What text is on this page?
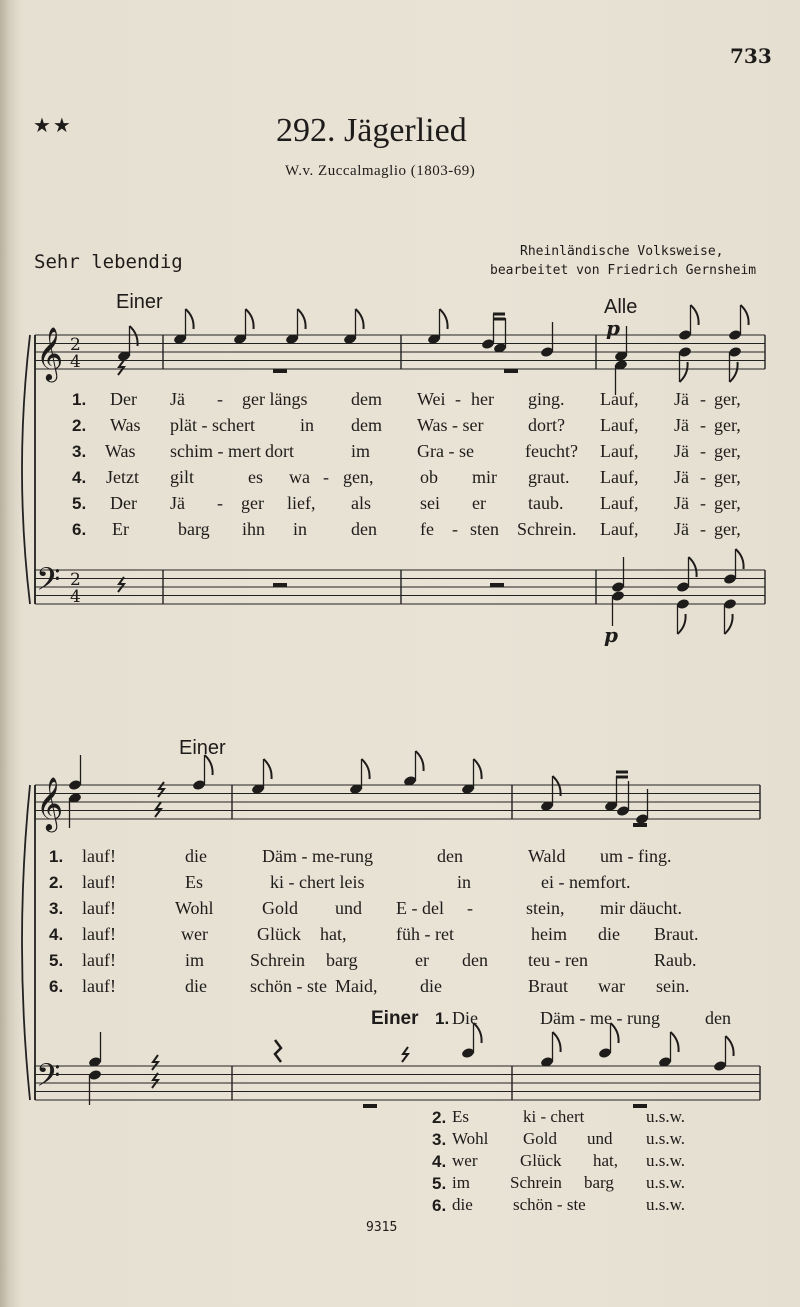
733
★★	292. Jägerlied
W.v. Zuccalmaglio (1803-69)
Sehr lebendig	Rheinländische Volksweise,
bearbeitet von Friedrich Gernsheim
𝄞 2
4
𝄢 2
4
𝄞
𝄢
Einer	Alle
p
p
1. Der Jä - ger längs dem Wei - her ging. Lauf, Jä - ger,
2. Was plät - schert	in dem Was - ser dort? Lauf, Jä - ger,
3. Was schim - mert dort	im	Gra - se	feucht? Lauf, Jä - ger,
4. Jetzt gilt	es wa - gen,	ob mir graut. Lauf, Jä - ger,
5. Der Jä - ger lief, als	sei er taub. Lauf, Jä - ger,
6. Er	barg ihn in den fe - sten Schrein. Lauf, Jä - ger,
Einer
1. lauf!	die	Däm - me-rung	den	Wald um - fing.
2. lauf!	Es	ki - chert leis	in	ei - nem fort.
3. lauf!	Wohl	Gold und E - del -	stein, mir däucht.
4. lauf!	wer	Glück hat,	füh - ret	heim die Braut.
5. lauf!	im	Schrein barg	er den teu - ren	Raub.
6. lauf!	die schön - ste Maid, die	Braut war sein.
Einer 1. Die	Däm - me - rung	den
2. Es	ki - chert	u.s.w.
3. Wohl Gold und u.s.w.
4. wer	Glück hat, u.s.w.
5. im Schrein barg u.s.w.
6. die schön - ste	u.s.w.
9315
